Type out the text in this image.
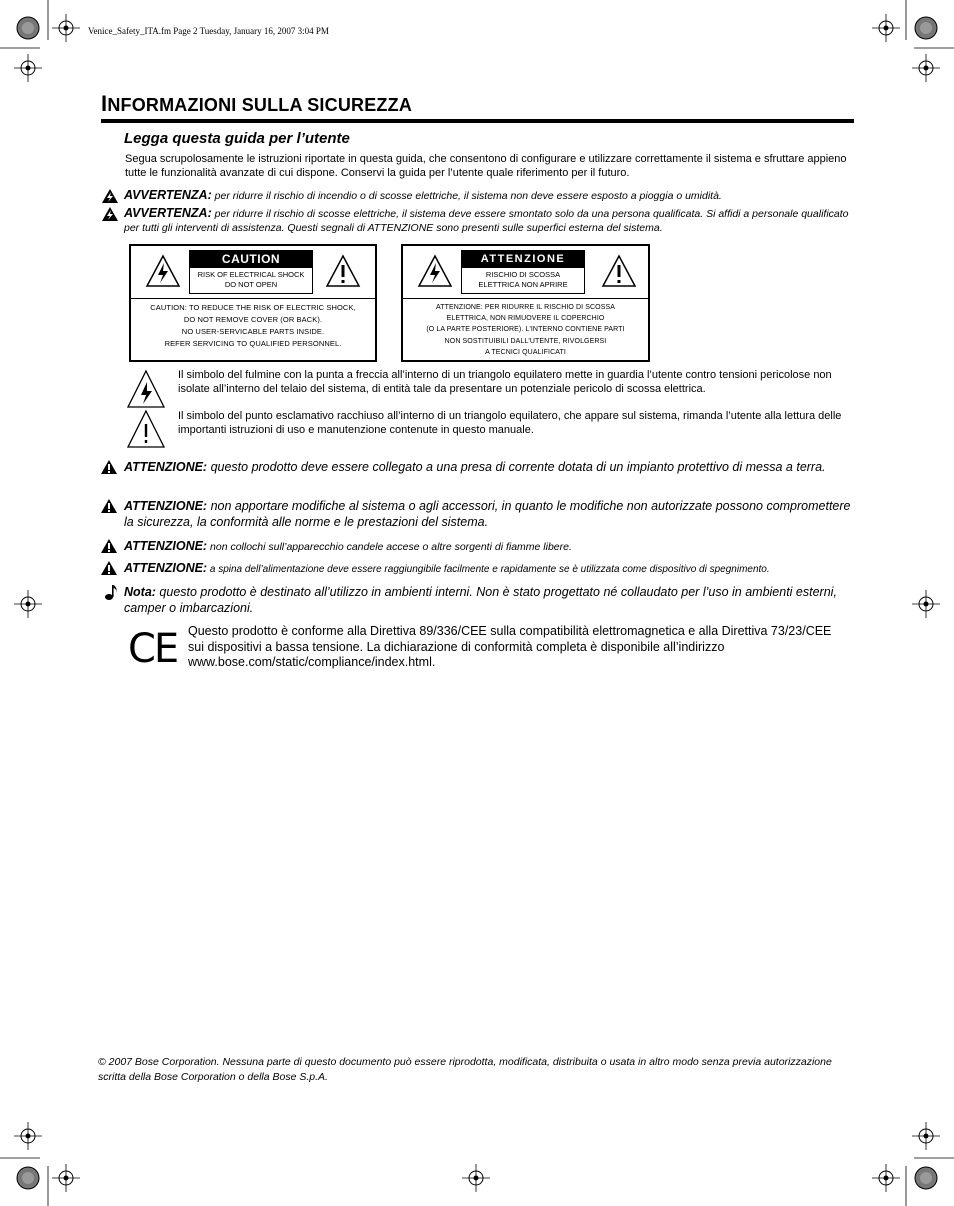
Venice_Safety_ITA.fm Page 2 Tuesday, January 16, 2007 3:04 PM
INFORMAZIONI SULLA SICUREZZA
Legga questa guida per l’utente
Segua scrupolosamente le istruzioni riportate in questa guida, che consentono di configurare e utilizzare correttamente il sistema e sfruttare appieno tutte le funzionalità avanzate di cui dispone. Conservi la guida per l’utente quale riferimento per il futuro.
AVVERTENZA: per ridurre il rischio di incendio o di scosse elettriche, il sistema non deve essere esposto a pioggia o umidità.
AVVERTENZA: per ridurre il rischio di scosse elettriche, il sistema deve essere smontato solo da una persona qualificata. Si affidi a personale qualificato per tutti gli interventi di assistenza. Questi segnali di ATTENZIONE sono presenti sulle superfici esterna del sistema.
CAUTION
RISK OF ELECTRICAL SHOCK
DO NOT OPEN
CAUTION: TO REDUCE THE RISK OF ELECTRIC SHOCK,
DO NOT REMOVE COVER (OR BACK).
NO USER-SERVICABLE PARTS INSIDE.
REFER SERVICING TO QUALIFIED PERSONNEL.
ATTENZIONE
RISCHIO DI SCOSSA
ELETTRICA NON APRIRE
ATTENZIONE: PER RIDURRE IL RISCHIO DI SCOSSA
ELETTRICA, NON RIMUOVERE IL COPERCHIO
(O LA PARTE POSTERIORE). L'INTERNO CONTIENE PARTI
NON SOSTITUIBILI DALL'UTENTE, RIVOLGERSI
A TECNICI QUALIFICATI
Il simbolo del fulmine con la punta a freccia all’interno di un triangolo equilatero mette in guardia l’utente contro tensioni pericolose non isolate all’interno del telaio del sistema, di entità tale da presentare un potenziale pericolo di scossa elettrica.
Il simbolo del punto esclamativo racchiuso all’interno di un triangolo equilatero, che appare sul sistema, rimanda l’utente alla lettura delle importanti istruzioni di uso e manutenzione contenute in questo manuale.
ATTENZIONE: questo prodotto deve essere collegato a una presa di corrente dotata di un impianto protettivo di messa a terra.
ATTENZIONE: non apportare modifiche al sistema o agli accessori, in quanto le modifiche non autorizzate possono compromettere la sicurezza, la conformità alle norme e le prestazioni del sistema.
ATTENZIONE: non collochi sull’apparecchio candele accese o altre sorgenti di fiamme libere.
ATTENZIONE: a spina dell’alimentazione deve essere raggiungibile facilmente e rapidamente se è utilizzata come dispositivo di spegnimento.
Nota: questo prodotto è destinato all’utilizzo in ambienti interni. Non è stato progettato né collaudato per l’uso in ambienti esterni, camper o imbarcazioni.
CE Questo prodotto è conforme alla Direttiva 89/336/CEE sulla compatibilità elettromagnetica e alla Direttiva 73/23/CEE sui dispositivi a bassa tensione. La dichiarazione di conformità completa è disponibile all’indirizzo www.bose.com/static/compliance/index.html.
© 2007 Bose Corporation. Nessuna parte di questo documento può essere riprodotta, modificata, distribuita o usata in altro modo senza previa autorizzazione scritta della Bose Corporation o della Bose S.p.A.
